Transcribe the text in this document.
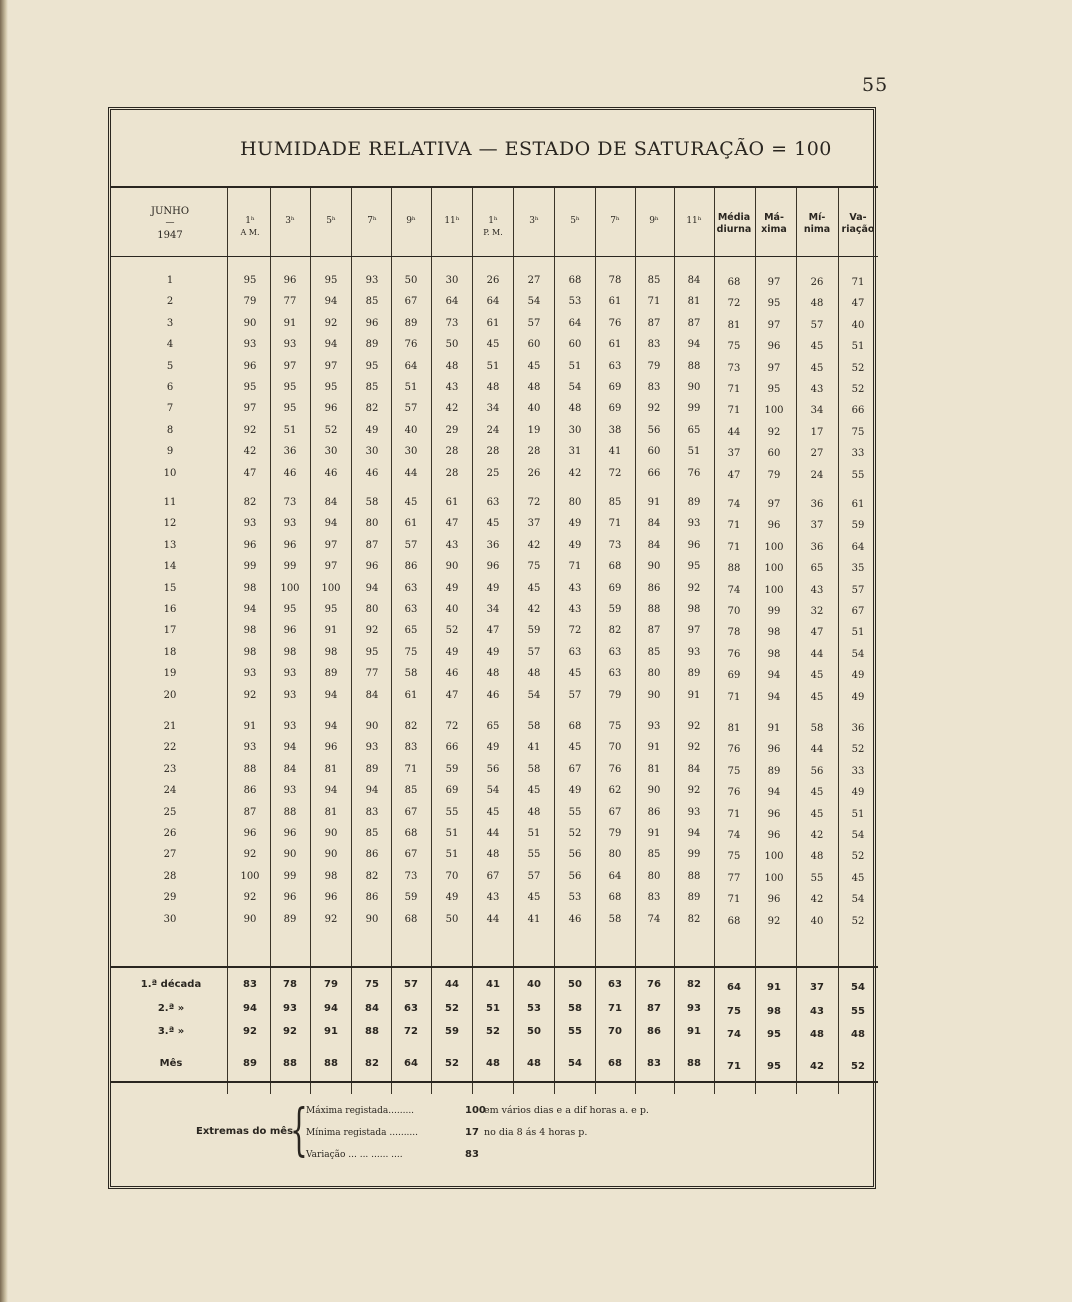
55
HUMIDADE RELATIVA — ESTADO DE SATURAÇÃO = 100
JUNHO
—
1947
1ʰ	3ʰ	5ʰ	7ʰ	9ʰ	11ʰ	1ʰ	3ʰ	5ʰ	7ʰ	9ʰ	11ʰ
A M.	P. M.
Média
diurna
Má-
xima
Mí-
nima
Va-
riação
1	95	96	95	93	50	30	26	27	68	78	85	84	68	97	26	71
2	79	77	94	85	67	64	64	54	53	61	71	81	72	95	48	47
3	90	91	92	96	89	73	61	57	64	76	87	87	81	97	57	40
4	93	93	94	89	76	50	45	60	60	61	83	94	75	96	45	51
5	96	97	97	95	64	48	51	45	51	63	79	88	73	97	45	52
6	95	95	95	85	51	43	48	48	54	69	83	90	71	95	43	52
7	97	95	96	82	57	42	34	40	48	69	92	99	71	100	34	66
8	92	51	52	49	40	29	24	19	30	38	56	65	44	92	17	75
9	42	36	30	30	30	28	28	28	31	41	60	51	37	60	27	33
10	47	46	46	46	44	28	25	26	42	72	66	76	47	79	24	55
11	82	73	84	58	45	61	63	72	80	85	91	89	74	97	36	61
12	93	93	94	80	61	47	45	37	49	71	84	93	71	96	37	59
13	96	96	97	87	57	43	36	42	49	73	84	96	71	100	36	64
14	99	99	97	96	86	90	96	75	71	68	90	95	88	100	65	35
15	98	100	100	94	63	49	49	45	43	69	86	92	74	100	43	57
16	94	95	95	80	63	40	34	42	43	59	88	98	70	99	32	67
17	98	96	91	92	65	52	47	59	72	82	87	97	78	98	47	51
18	98	98	98	95	75	49	49	57	63	63	85	93	76	98	44	54
19	93	93	89	77	58	46	48	48	45	63	80	89	69	94	45	49
20	92	93	94	84	61	47	46	54	57	79	90	91	71	94	45	49
21	91	93	94	90	82	72	65	58	68	75	93	92	81	91	58	36
22	93	94	96	93	83	66	49	41	45	70	91	92	76	96	44	52
23	88	84	81	89	71	59	56	58	67	76	81	84	75	89	56	33
24	86	93	94	94	85	69	54	45	49	62	90	92	76	94	45	49
25	87	88	81	83	67	55	45	48	55	67	86	93	71	96	45	51
26	96	96	90	85	68	51	44	51	52	79	91	94	74	96	42	54
27	92	90	90	86	67	51	48	55	56	80	85	99	75	100	48	52
28	100	99	98	82	73	70	67	57	56	64	80	88	77	100	55	45
29	92	96	96	86	59	49	43	45	53	68	83	89	71	96	42	54
30	90	89	92	90	68	50	44	41	46	58	74	82	68	92	40	52
1.ª década	83	78	79	75	57	44	41	40	50	63	76	82	64	91	37	54
2.ª »	94	93	94	84	63	52	51	53	58	71	87	93	75	98	43	55
3.ª »	92	92	91	88	72	59	52	50	55	70	86	91	74	95	48	48
Mês	89	88	88	82	64	52	48	48	54	68	83	88	71	95	42	52
Extremas do mês
{
Máxima registada.........	100
em vários dias e a dif horas a. e p.
Mínima registada ..........	17 no dia 8 ás 4 horas p.
Variação ... ... ...... ....	83
